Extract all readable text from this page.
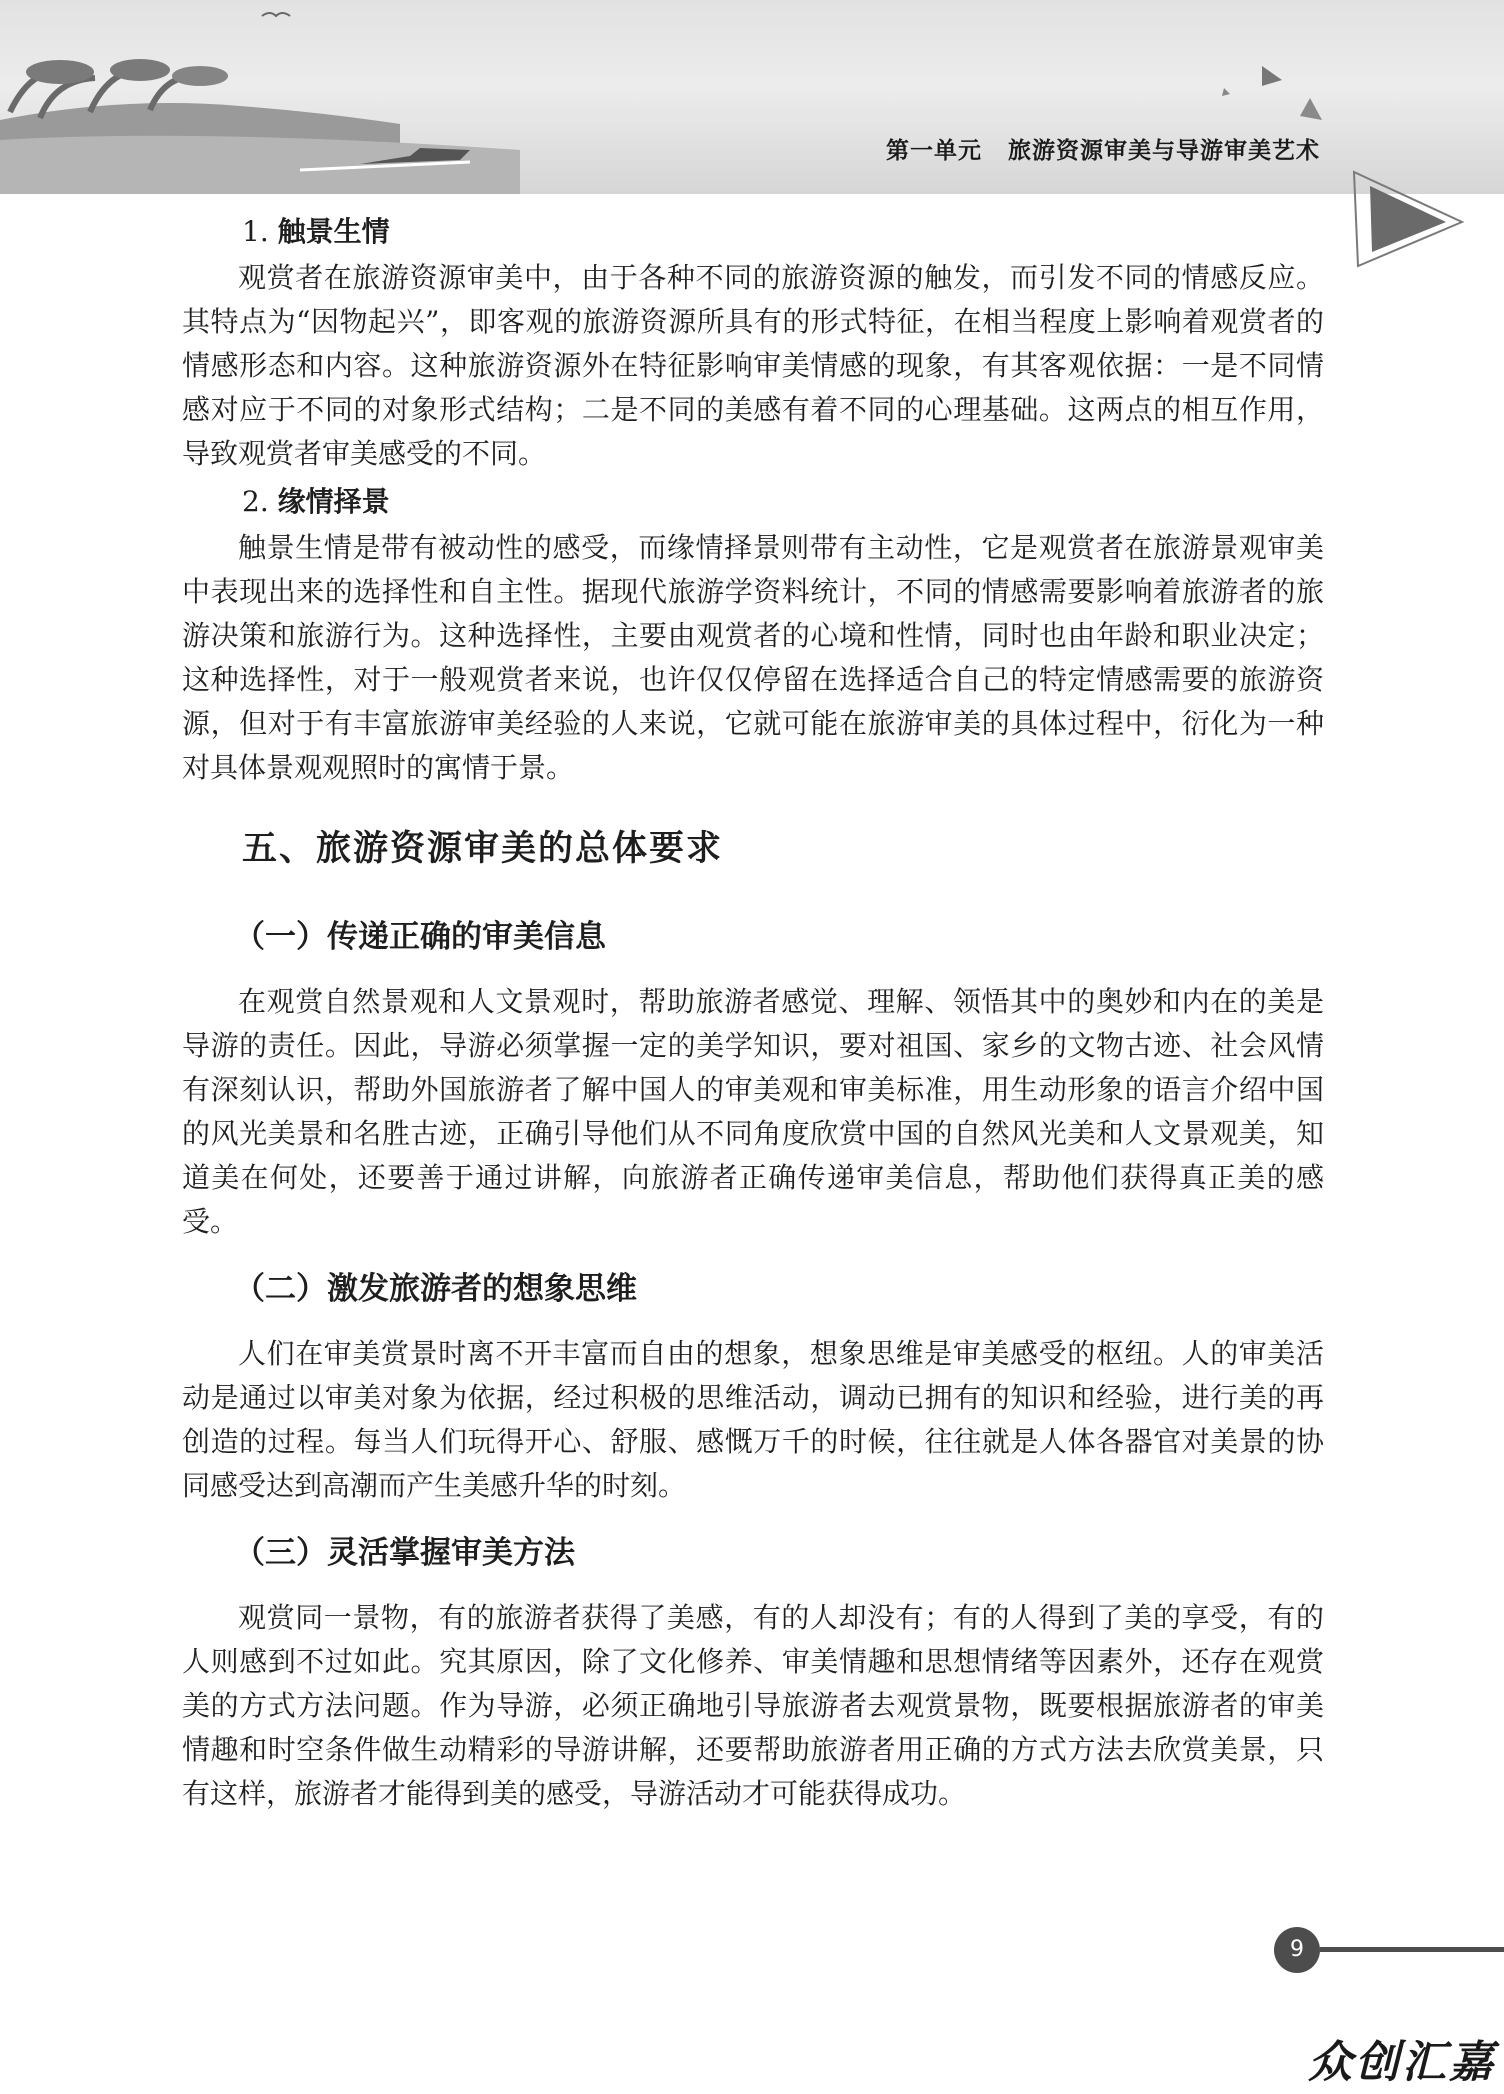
第一单元 旅游资源审美与导游审美艺术
1. 触景生情

观赏者在旅游资源审美中，由于各种不同的旅游资源的触发，而引发不同的情感反应。其特点为“因物起兴”，即客观的旅游资源所具有的形式特征，在相当程度上影响着观赏者的情感形态和内容。这种旅游资源外在特征影响审美情感的现象，有其客观依据：一是不同情感对应于不同的对象形式结构；二是不同的美感有着不同的心理基础。这两点的相互作用，导致观赏者审美感受的不同。

2. 缘情择景

触景生情是带有被动性的感受，而缘情择景则带有主动性，它是观赏者在旅游景观审美中表现出来的选择性和自主性。据现代旅游学资料统计，不同的情感需要影响着旅游者的旅游决策和旅游行为。这种选择性，主要由观赏者的心境和性情，同时也由年龄和职业决定；这种选择性，对于一般观赏者来说，也许仅仅停留在选择适合自己的特定情感需要的旅游资源，但对于有丰富旅游审美经验的人来说，它就可能在旅游审美的具体过程中，衍化为一种对具体景观观照时的寓情于景。

五、旅游资源审美的总体要求
（一）传递正确的审美信息

在观赏自然景观和人文景观时，帮助旅游者感觉、理解、领悟其中的奥妙和内在的美是导游的责任。因此，导游必须掌握一定的美学知识，要对祖国、家乡的文物古迹、社会风情有深刻认识，帮助外国旅游者了解中国人的审美观和审美标准，用生动形象的语言介绍中国的风光美景和名胜古迹，正确引导他们从不同角度欣赏中国的自然风光美和人文景观美，知道美在何处，还要善于通过讲解，向旅游者正确传递审美信息，帮助他们获得真正美的感受。

（二）激发旅游者的想象思维

人们在审美赏景时离不开丰富而自由的想象，想象思维是审美感受的枢纽。人的审美活动是通过以审美对象为依据，经过积极的思维活动，调动已拥有的知识和经验，进行美的再创造的过程。每当人们玩得开心、舒服、感慨万千的时候，往往就是人体各器官对美景的协同感受达到高潮而产生美感升华的时刻。

（三）灵活掌握审美方法

观赏同一景物，有的旅游者获得了美感，有的人却没有；有的人得到了美的享受，有的人则感到不过如此。究其原因，除了文化修养、审美情趣和思想情绪等因素外，还存在观赏美的方式方法问题。作为导游，必须正确地引导旅游者去观赏景物，既要根据旅游者的审美情趣和时空条件做生动精彩的导游讲解，还要帮助旅游者用正确的方式方法去欣赏美景，只有这样，旅游者才能得到美的感受，导游活动才可能获得成功。

9
众创汇嘉
